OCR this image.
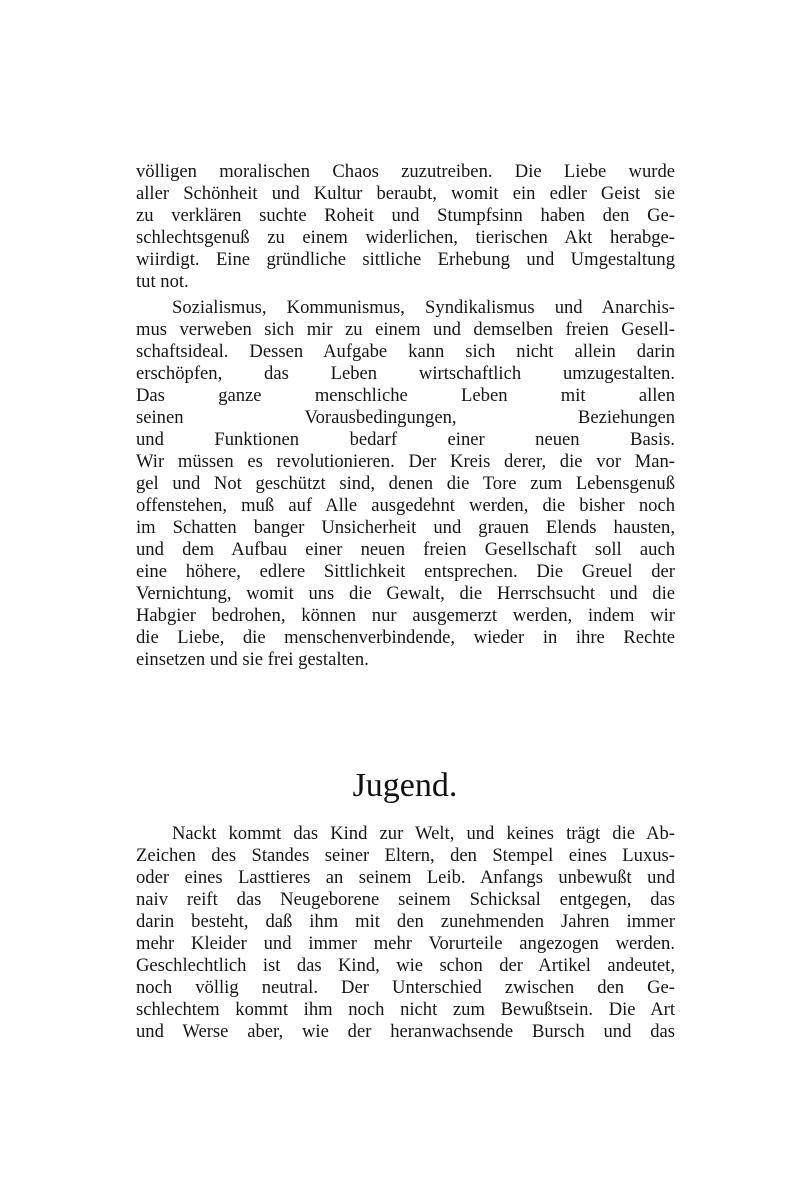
völligen moralischen Chaos zuzutreiben. Die Liebe wurde
aller Schönheit und Kultur beraubt, womit ein edler Geist sie
zu verklären suchte Roheit und Stumpfsinn haben den Ge-
schlechtsgenuß zu einem widerlichen, tierischen Akt herabge-
wiirdigt. Eine gründliche sittliche Erhebung und Umgestaltung
tut not.
Sozialismus, Kommunismus, Syndikalismus und Anarchis-
mus verweben sich mir zu einem und demselben freien Gesell-
schaftsideal. Dessen Aufgabe kann sich nicht allein darin
erschöpfen, das Leben wirtschaftlich umzugestalten.
Das ganze menschliche Leben mit allen
seinen Vorausbedingungen, Beziehungen
und Funktionen bedarf einer neuen Basis.
Wir müssen es revolutionieren. Der Kreis derer, die vor Man-
gel und Not geschützt sind, denen die Tore zum Lebensgenuß
offenstehen, muß auf Alle ausgedehnt werden, die bisher noch
im Schatten banger Unsicherheit und grauen Elends hausten,
und dem Aufbau einer neuen freien Gesellschaft soll auch
eine höhere, edlere Sittlichkeit entsprechen. Die Greuel der
Vernichtung, womit uns die Gewalt, die Herrschsucht und die
Habgier bedrohen, können nur ausgemerzt werden, indem wir
die Liebe, die menschenverbindende, wieder in ihre Rechte
einsetzen und sie frei gestalten.
Jugend.
Nackt kommt das Kind zur Welt, und keines trägt die Ab-
Zeichen des Standes seiner Eltern, den Stempel eines Luxus-
oder eines Lasttieres an seinem Leib. Anfangs unbewußt und
naiv reift das Neugeborene seinem Schicksal entgegen, das
darin besteht, daß ihm mit den zunehmenden Jahren immer
mehr Kleider und immer mehr Vorurteile angezogen werden.
Geschlechtlich ist das Kind, wie schon der Artikel andeutet,
noch völlig neutral. Der Unterschied zwischen den Ge-
schlechtem kommt ihm noch nicht zum Bewußtsein. Die Art
und Werse aber, wie der heranwachsende Bursch und das
